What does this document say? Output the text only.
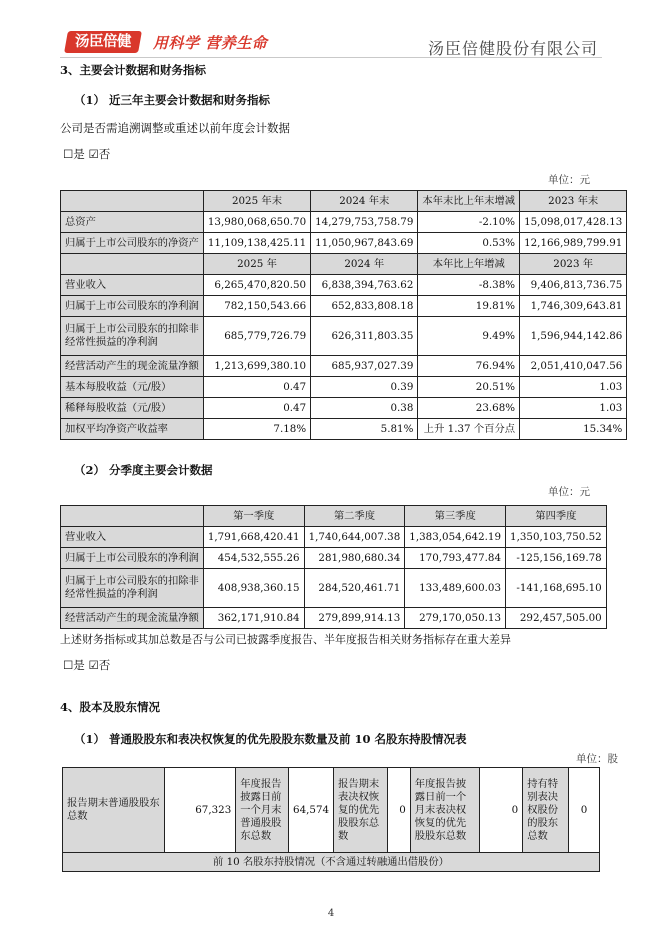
汤臣倍健	用科学 营养生命	汤臣倍健股份有限公司
3、主要会计数据和财务指标
（1） 近三年主要会计数据和财务指标
公司是否需追溯调整或重述以前年度会计数据
☐是 ☑否
单位：元
	2025 年末	2024 年末	本年末比上年末增减	2023 年末
总资产	13,980,068,650.70	14,279,753,758.79	-2.10%	15,098,017,428.13
归属于上市公司股东的净资产	11,109,138,425.11	11,050,967,843.69	0.53%	12,166,989,799.91
	2025 年	2024 年	本年比上年增减	2023 年
营业收入	6,265,470,820.50	6,838,394,763.62	-8.38%	9,406,813,736.75
归属于上市公司股东的净利润	782,150,543.66	652,833,808.18	19.81%	1,746,309,643.81
归属于上市公司股东的扣除非经常性损益的净利润	685,779,726.79	626,311,803.35	9.49%	1,596,944,142.86
经营活动产生的现金流量净额	1,213,699,380.10	685,937,027.39	76.94%	2,051,410,047.56
基本每股收益（元/股）	0.47	0.39	20.51%	1.03
稀释每股收益（元/股）	0.47	0.38	23.68%	1.03
加权平均净资产收益率	7.18%	5.81%	上升 1.37 个百分点	15.34%
（2） 分季度主要会计数据
单位：元
	第一季度	第二季度	第三季度	第四季度
营业收入	1,791,668,420.41	1,740,644,007.38	1,383,054,642.19	1,350,103,750.52
归属于上市公司股东的净利润	454,532,555.26	281,980,680.34	170,793,477.84	-125,156,169.78
归属于上市公司股东的扣除非经常性损益的净利润	408,938,360.15	284,520,461.71	133,489,600.03	-141,168,695.10
经营活动产生的现金流量净额	362,171,910.84	279,899,914.13	279,170,050.13	292,457,505.00
上述财务指标或其加总数是否与公司已披露季度报告、半年度报告相关财务指标存在重大差异
☐是 ☑否
4、股本及股东情况
（1） 普通股股东和表决权恢复的优先股股东数量及前 10 名股东持股情况表
单位：股
报告期末普通股股东总数	67,323	年度报告披露日前一个月末普通股股东总数	64,574	报告期末表决权恢复的优先股股东总数	0	年度报告披露日前一个月末表决权恢复的优先股股东总数	0	持有特别表决权股份的股东总数	0
前 10 名股东持股情况（不含通过转融通出借股份）
4
